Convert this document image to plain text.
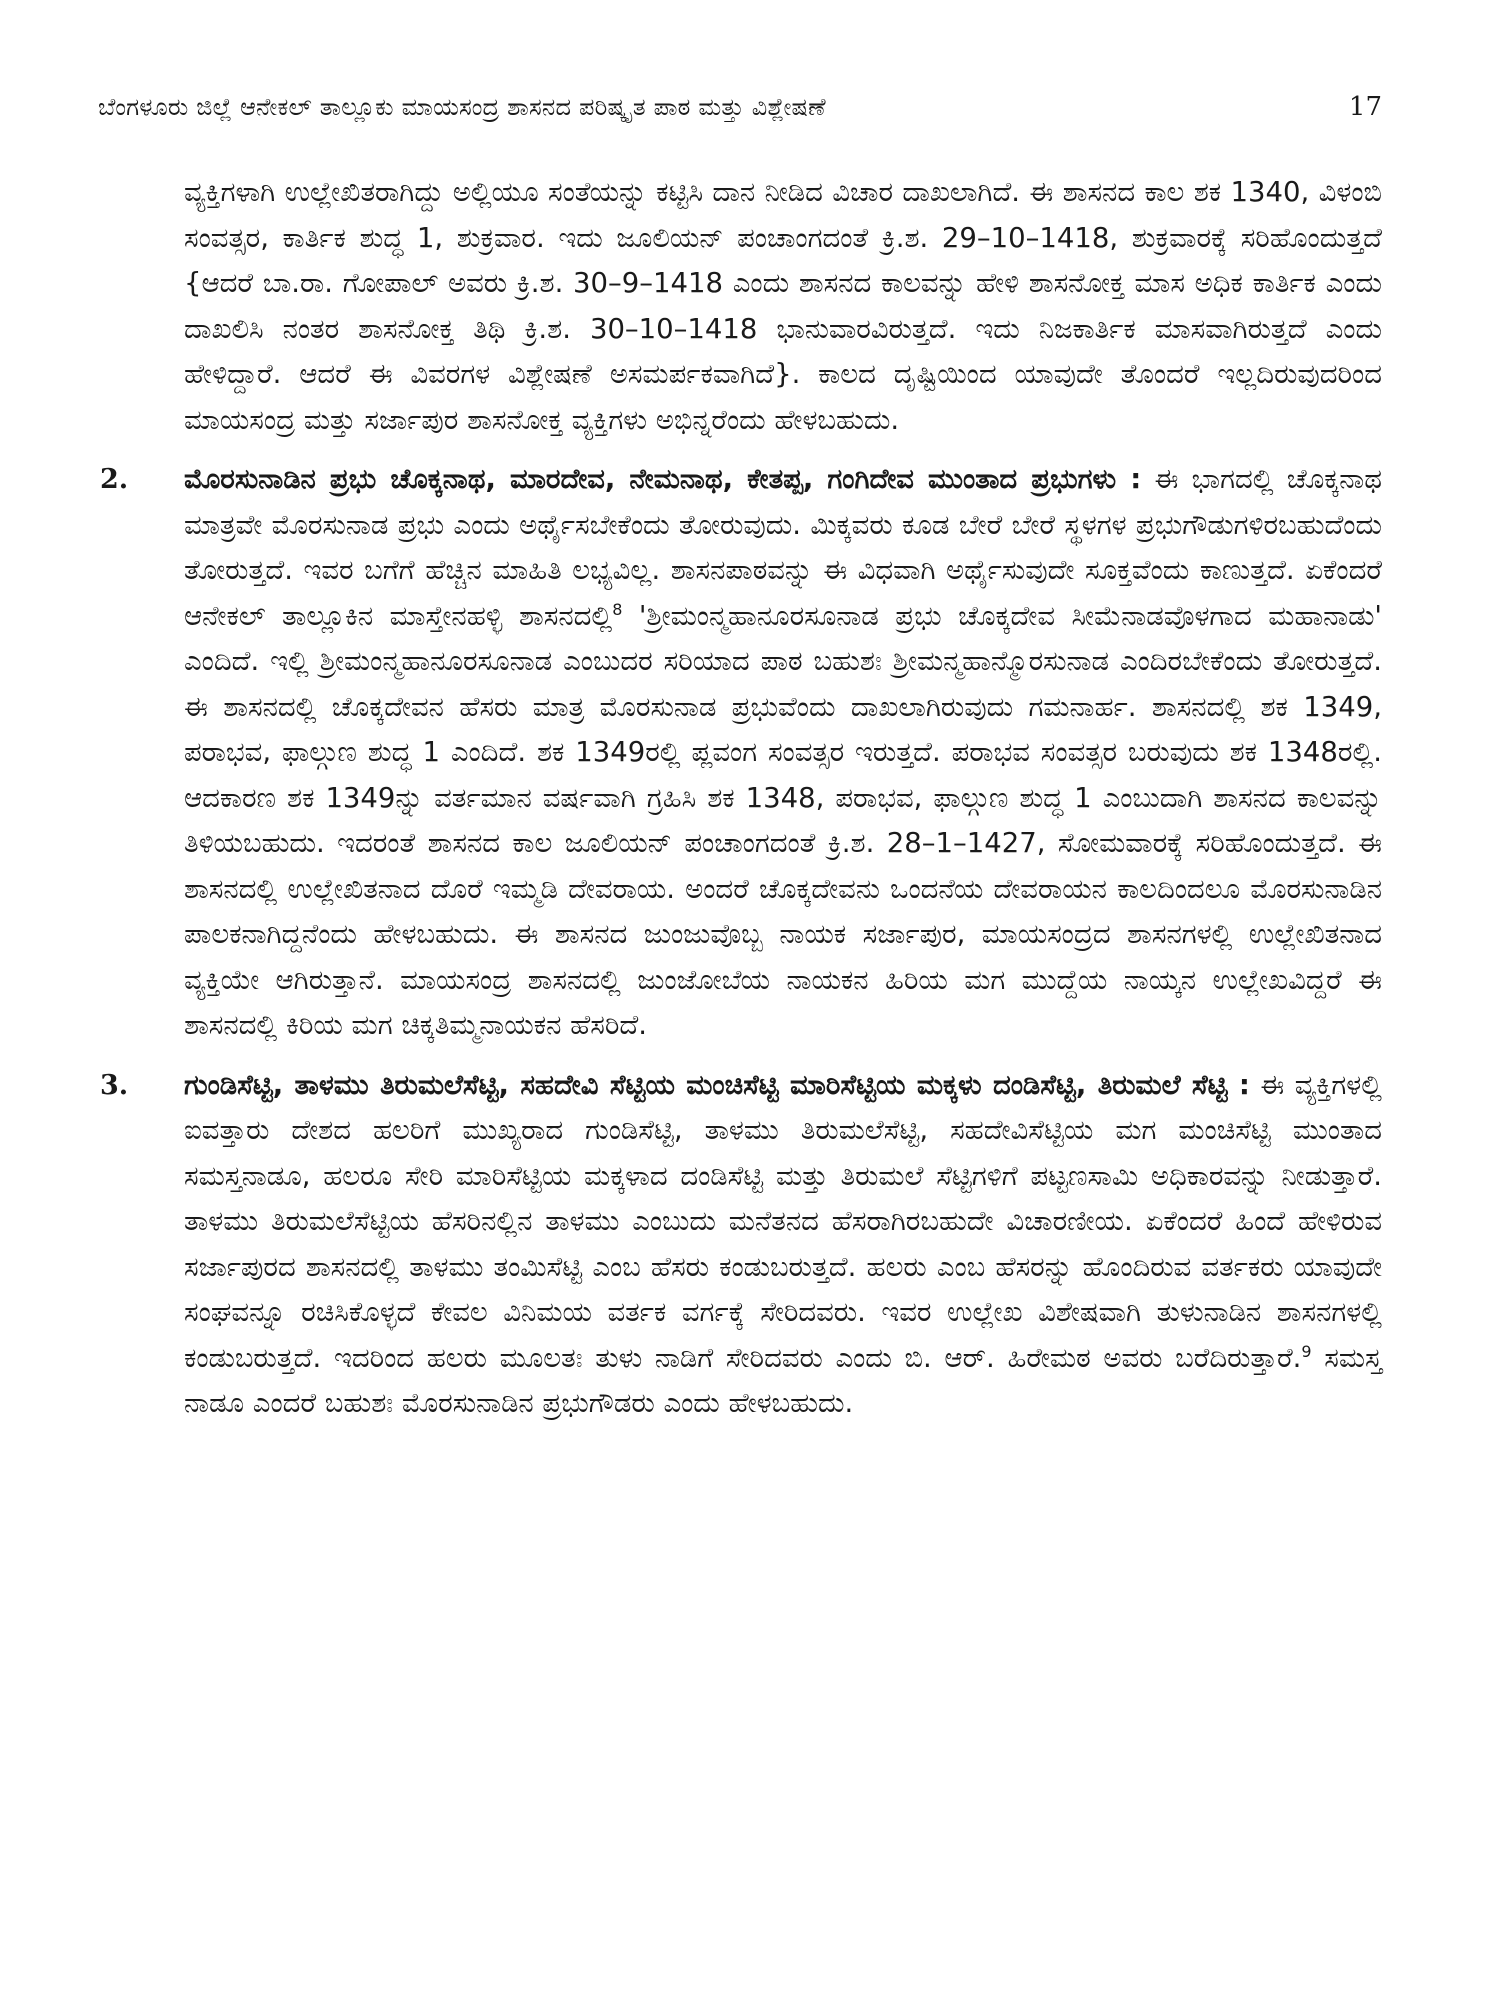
ಬೆಂಗಳೂರು ಜಿಲ್ಲೆ ಆನೇಕಲ್ ತಾಲ್ಲೂಕು ಮಾಯಸಂದ್ರ ಶಾಸನದ ಪರಿಷ್ಕೃತ ಪಾಠ ಮತ್ತು ವಿಶ್ಲೇಷಣೆ	17

ವ್ಯಕ್ತಿಗಳಾಗಿ ಉಲ್ಲೇಖಿತರಾಗಿದ್ದು ಅಲ್ಲಿಯೂ ಸಂತೆಯನ್ನು ಕಟ್ಟಿಸಿ ದಾನ ನೀಡಿದ ವಿಚಾರ ದಾಖಲಾಗಿದೆ. ಈ ಶಾಸನದ ಕಾಲ ಶಕ 1340, ವಿಳಂಬಿ ಸಂವತ್ಸರ, ಕಾರ್ತಿಕ ಶುದ್ಧ 1, ಶುಕ್ರವಾರ. ಇದು ಜೂಲಿಯನ್ ಪಂಚಾಂಗದಂತೆ ಕ್ರಿ.ಶ. 29–10–1418, ಶುಕ್ರವಾರಕ್ಕೆ ಸರಿಹೊಂದುತ್ತದೆ {ಆದರೆ ಬಾ.ರಾ. ಗೋಪಾಲ್ ಅವರು ಕ್ರಿ.ಶ. 30–9–1418 ಎಂದು ಶಾಸನದ ಕಾಲವನ್ನು ಹೇಳಿ ಶಾಸನೋಕ್ತ ಮಾಸ ಅಧಿಕ ಕಾರ್ತಿಕ ಎಂದು ದಾಖಲಿಸಿ ನಂತರ ಶಾಸನೋಕ್ತ ತಿಥಿ ಕ್ರಿ.ಶ. 30–10–1418 ಭಾನುವಾರವಿರುತ್ತದೆ. ಇದು ನಿಜಕಾರ್ತಿಕ ಮಾಸವಾಗಿರುತ್ತದೆ ಎಂದು ಹೇಳಿದ್ದಾರೆ. ಆದರೆ ಈ ವಿವರಗಳ ವಿಶ್ಲೇಷಣೆ ಅಸಮರ್ಪಕವಾಗಿದೆ}. ಕಾಲದ ದೃಷ್ಟಿಯಿಂದ ಯಾವುದೇ ತೊಂದರೆ ಇಲ್ಲದಿರುವುದರಿಂದ ಮಾಯಸಂದ್ರ ಮತ್ತು ಸರ್ಜಾಪುರ ಶಾಸನೋಕ್ತ ವ್ಯಕ್ತಿಗಳು ಅಭಿನ್ನರೆಂದು ಹೇಳಬಹುದು.

2. ಮೊರಸುನಾಡಿನ ಪ್ರಭು ಚೊಕ್ಕನಾಥ, ಮಾರದೇವ, ನೇಮನಾಥ, ಕೇತಪ್ಪ, ಗಂಗಿದೇವ ಮುಂತಾದ ಪ್ರಭುಗಳು : ಈ ಭಾಗದಲ್ಲಿ ಚೊಕ್ಕನಾಥ ಮಾತ್ರವೇ ಮೊರಸುನಾಡ ಪ್ರಭು ಎಂದು ಅರ್ಥೈಸಬೇಕೆಂದು ತೋರುವುದು. ಮಿಕ್ಕವರು ಕೂಡ ಬೇರೆ ಬೇರೆ ಸ್ಥಳಗಳ ಪ್ರಭುಗೌಡುಗಳಿರಬಹುದೆಂದು ತೋರುತ್ತದೆ. ಇವರ ಬಗೆಗೆ ಹೆಚ್ಚಿನ ಮಾಹಿತಿ ಲಭ್ಯವಿಲ್ಲ. ಶಾಸನಪಾಠವನ್ನು ಈ ವಿಧವಾಗಿ ಅರ್ಥೈಸುವುದೇ ಸೂಕ್ತವೆಂದು ಕಾಣುತ್ತದೆ. ಏಕೆಂದರೆ ಆನೇಕಲ್ ತಾಲ್ಲೂಕಿನ ಮಾಸ್ತೇನಹಳ್ಳಿ ಶಾಸನದಲ್ಲಿ$^8$ 'ಶ್ರೀಮಂನ್ಮಹಾನೂರಸೂನಾಡ ಪ್ರಭು ಚೊಕ್ಕದೇವ ಸೀಮೆನಾಡವೊಳಗಾದ ಮಹಾನಾಡು' ಎಂದಿದೆ. ಇಲ್ಲಿ ಶ್ರೀಮಂನ್ಮಹಾನೂರಸೂನಾಡ ಎಂಬುದರ ಸರಿಯಾದ ಪಾಠ ಬಹುಶಃ ಶ್ರೀಮನ್ಮಹಾನ್ಮೊರಸುನಾಡ ಎಂದಿರಬೇಕೆಂದು ತೋರುತ್ತದೆ. ಈ ಶಾಸನದಲ್ಲಿ ಚೊಕ್ಕದೇವನ ಹೆಸರು ಮಾತ್ರ ಮೊರಸುನಾಡ ಪ್ರಭುವೆಂದು ದಾಖಲಾಗಿರುವುದು ಗಮನಾರ್ಹ. ಶಾಸನದಲ್ಲಿ ಶಕ 1349, ಪರಾಭವ, ಫಾಲ್ಗುಣ ಶುದ್ಧ 1 ಎಂದಿದೆ. ಶಕ 1349ರಲ್ಲಿ ಪ್ಲವಂಗ ಸಂವತ್ಸರ ಇರುತ್ತದೆ. ಪರಾಭವ ಸಂವತ್ಸರ ಬರುವುದು ಶಕ 1348ರಲ್ಲಿ. ಆದಕಾರಣ ಶಕ 1349ನ್ನು ವರ್ತಮಾನ ವರ್ಷವಾಗಿ ಗ್ರಹಿಸಿ ಶಕ 1348, ಪರಾಭವ, ಫಾಲ್ಗುಣ ಶುದ್ಧ 1 ಎಂಬುದಾಗಿ ಶಾಸನದ ಕಾಲವನ್ನು ತಿಳಿಯಬಹುದು. ಇದರಂತೆ ಶಾಸನದ ಕಾಲ ಜೂಲಿಯನ್ ಪಂಚಾಂಗದಂತೆ ಕ್ರಿ.ಶ. 28–1–1427, ಸೋಮವಾರಕ್ಕೆ ಸರಿಹೊಂದುತ್ತದೆ. ಈ ಶಾಸನದಲ್ಲಿ ಉಲ್ಲೇಖಿತನಾದ ದೊರೆ ಇಮ್ಮಡಿ ದೇವರಾಯ. ಅಂದರೆ ಚೊಕ್ಕದೇವನು ಒಂದನೆಯ ದೇವರಾಯನ ಕಾಲದಿಂದಲೂ ಮೊರಸುನಾಡಿನ ಪಾಲಕನಾಗಿದ್ದನೆಂದು ಹೇಳಬಹುದು. ಈ ಶಾಸನದ ಜುಂಜುವೊಬ್ಬ ನಾಯಕ ಸರ್ಜಾಪುರ, ಮಾಯಸಂದ್ರದ ಶಾಸನಗಳಲ್ಲಿ ಉಲ್ಲೇಖಿತನಾದ ವ್ಯಕ್ತಿಯೇ ಆಗಿರುತ್ತಾನೆ. ಮಾಯಸಂದ್ರ ಶಾಸನದಲ್ಲಿ ಜುಂಜೋಬೆಯ ನಾಯಕನ ಹಿರಿಯ ಮಗ ಮುದ್ದೆಯ ನಾಯ್ಕನ ಉಲ್ಲೇಖವಿದ್ದರೆ ಈ ಶಾಸನದಲ್ಲಿ ಕಿರಿಯ ಮಗ ಚಿಕ್ಕತಿಮ್ಮನಾಯಕನ ಹೆಸರಿದೆ.

3. ಗುಂಡಿಸೆಟ್ಟಿ, ತಾಳಮು ತಿರುಮಲೆಸೆಟ್ಟಿ, ಸಹದೇವಿ ಸೆಟ್ಟಿಯ ಮಂಚಿಸೆಟ್ಟಿ ಮಾರಿಸೆಟ್ಟಿಯ ಮಕ್ಕಳು ದಂಡಿಸೆಟ್ಟಿ, ತಿರುಮಲೆ ಸೆಟ್ಟಿ : ಈ ವ್ಯಕ್ತಿಗಳಲ್ಲಿ ಐವತ್ತಾರು ದೇಶದ ಹಲರಿಗೆ ಮುಖ್ಯರಾದ ಗುಂಡಿಸೆಟ್ಟಿ, ತಾಳಮು ತಿರುಮಲೆಸೆಟ್ಟಿ, ಸಹದೇವಿಸೆಟ್ಟಿಯ ಮಗ ಮಂಚಿಸೆಟ್ಟಿ ಮುಂತಾದ ಸಮಸ್ತನಾಡೂ, ಹಲರೂ ಸೇರಿ ಮಾರಿಸೆಟ್ಟಿಯ ಮಕ್ಕಳಾದ ದಂಡಿಸೆಟ್ಟಿ ಮತ್ತು ತಿರುಮಲೆ ಸೆಟ್ಟಿಗಳಿಗೆ ಪಟ್ಟಣಸಾಮಿ ಅಧಿಕಾರವನ್ನು ನೀಡುತ್ತಾರೆ. ತಾಳಮು ತಿರುಮಲೆಸೆಟ್ಟಿಯ ಹೆಸರಿನಲ್ಲಿನ ತಾಳಮು ಎಂಬುದು ಮನೆತನದ ಹೆಸರಾಗಿರಬಹುದೇ ವಿಚಾರಣೀಯ. ಏಕೆಂದರೆ ಹಿಂದೆ ಹೇಳಿರುವ ಸರ್ಜಾಪುರದ ಶಾಸನದಲ್ಲಿ ತಾಳಮು ತಂಮಿಸೆಟ್ಟಿ ಎಂಬ ಹೆಸರು ಕಂಡುಬರುತ್ತದೆ. ಹಲರು ಎಂಬ ಹೆಸರನ್ನು ಹೊಂದಿರುವ ವರ್ತಕರು ಯಾವುದೇ ಸಂಘವನ್ನೂ ರಚಿಸಿಕೊಳ್ಳದೆ ಕೇವಲ ವಿನಿಮಯ ವರ್ತಕ ವರ್ಗಕ್ಕೆ ಸೇರಿದವರು. ಇವರ ಉಲ್ಲೇಖ ವಿಶೇಷವಾಗಿ ತುಳುನಾಡಿನ ಶಾಸನಗಳಲ್ಲಿ ಕಂಡುಬರುತ್ತದೆ. ಇದರಿಂದ ಹಲರು ಮೂಲತಃ ತುಳು ನಾಡಿಗೆ ಸೇರಿದವರು ಎಂದು ಬಿ. ಆರ್. ಹಿರೇಮಠ ಅವರು ಬರೆದಿರುತ್ತಾರೆ.$^9$ ಸಮಸ್ತ ನಾಡೂ ಎಂದರೆ ಬಹುಶಃ ಮೊರಸುನಾಡಿನ ಪ್ರಭುಗೌಡರು ಎಂದು ಹೇಳಬಹುದು.
